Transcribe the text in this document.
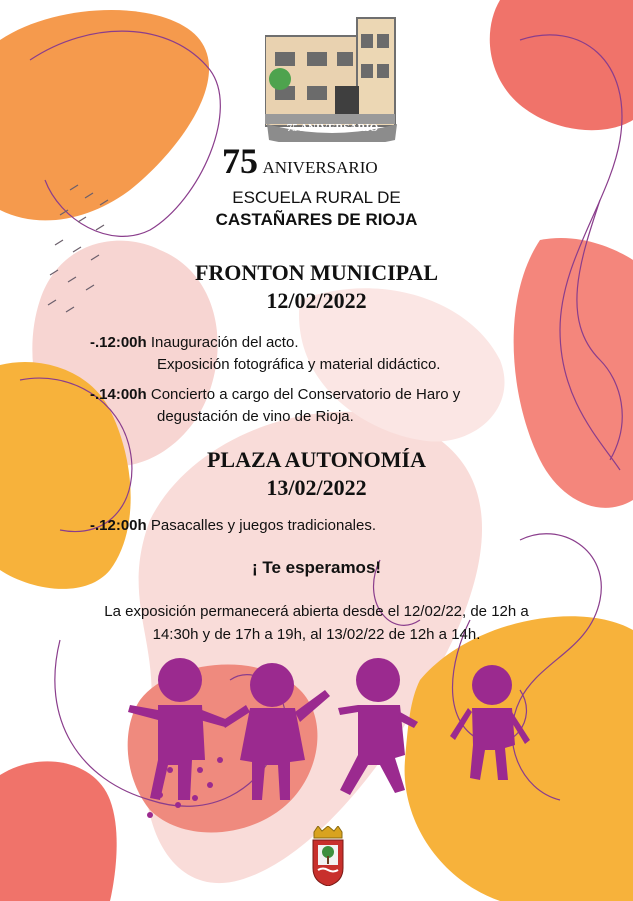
75 ANIVERSARIO
75 ANIVERSARIO
ESCUELA RURAL DE
CASTAÑARES DE RIOJA
FRONTON MUNICIPAL
12/02/2022
-.12:00h Inauguración del acto.
Exposición fotográfica y material didáctico.
-.14:00h Concierto a cargo del Conservatorio de Haro y
degustación de vino de Rioja.
PLAZA AUTONOMÍA
13/02/2022
-.12:00h Pasacalles y juegos tradicionales.
¡ Te esperamos!
La exposición permanecerá abierta desde el 12/02/22, de 12h a
14:30h y de 17h a 19h, al 13/02/22 de 12h a 14h.
